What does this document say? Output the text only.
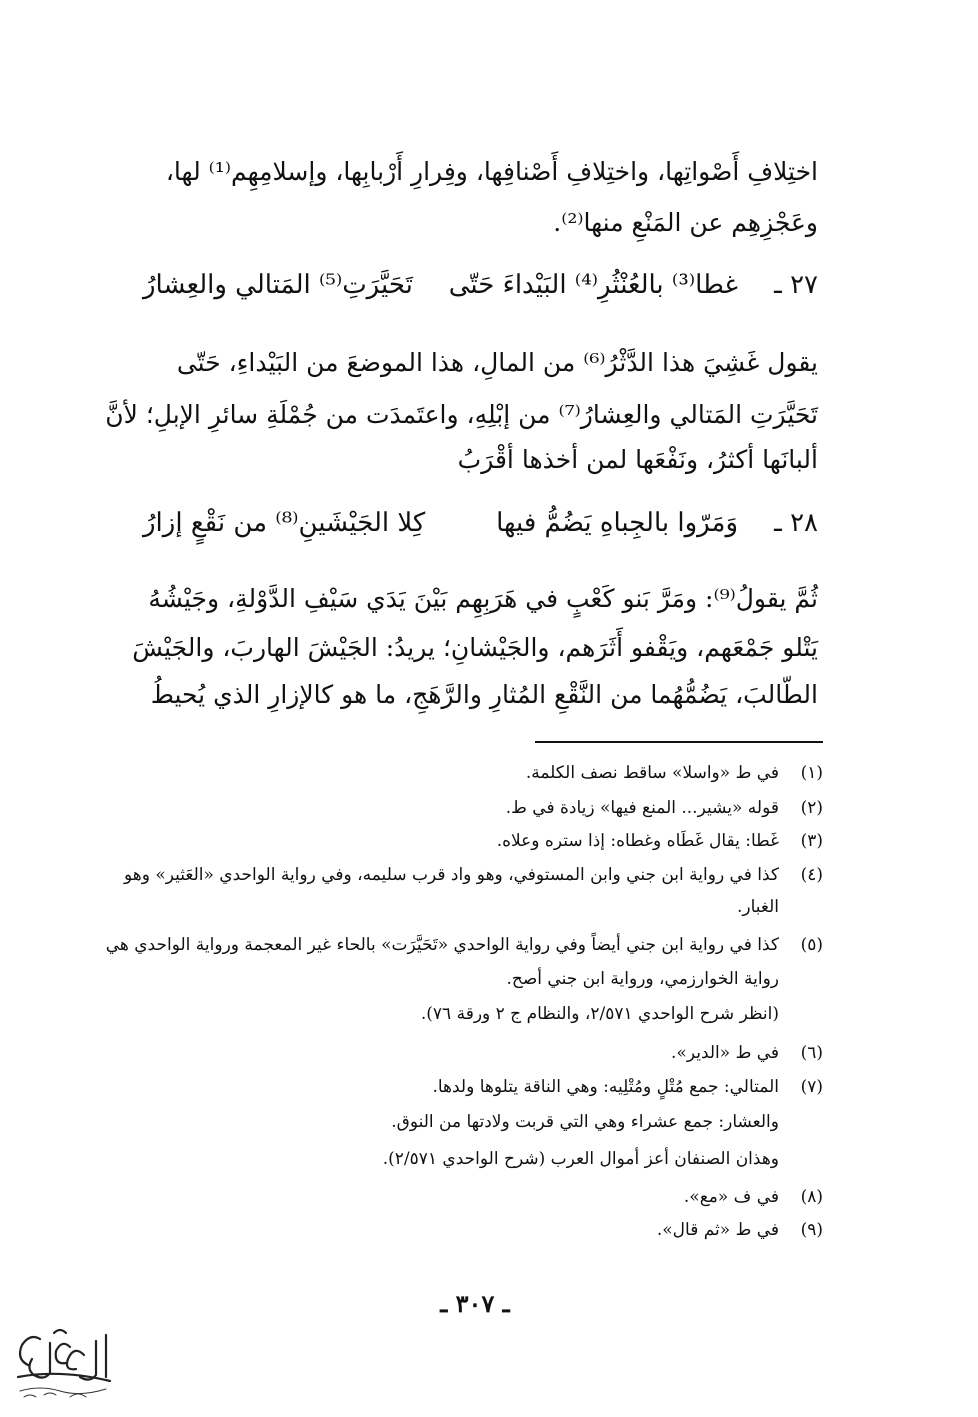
اختِلافِ أَصْواتِها، واختِلافِ أَصْنافِها، وفِرارِ أَرْبابِها، وإسلامِهِم⁽¹⁾ لها،
وعَجْزِهِم عن المَنْعِ منها⁽²⁾.
٢٧ ـ
غطا⁽³⁾ بالعُنْثُرِ⁽⁴⁾ البَيْداءَ حَتّى
تَحَيَّرَتِ⁽⁵⁾ المَتالي والعِشارُ
يقول غَشِيَ هذا الدَّثْرُ⁽⁶⁾ من المالِ، هذا الموضعَ من البَيْداءِ، حَتّى
تَحَيَّرَتِ المَتالي والعِشارُ⁽⁷⁾ من إبْلِهِ، واعتَمدَت من جُمْلَةِ سائرِ الإبلِ؛ لأنَّ
ألبانَها أكثرُ، ونَفْعَها لمن أخذها أقْرَبُ
٢٨ ـ
وَمَرّوا بالجِباهِ يَضُمُّ فيها
كِلا الجَيْشَينِ⁽⁸⁾ من نَقْعٍ إزارُ
ثُمَّ يقولُ⁽⁹⁾: ومَرَّ بَنو كَعْبٍ في هَرَبِهِم بَيْنَ يَدَي سَيْفِ الدَّوْلةِ، وجَيْشُهُ
يَتْلو جَمْعَهم، ويَقْفو أَثَرَهم، والجَيْشانِ؛ يريدُ: الجَيْشَ الهاربَ، والجَيْشَ
الطّالبَ، يَضُمُّهُما من النَّقْعِ المُثارِ والرَّهَجِ، ما هو كالإزارِ الذي يُحيطُ
(١)في ط «واسلا» ساقط نصف الكلمة.
(٢)قوله «يشير... المنع فيها» زيادة في ط.
(٣)غَطا: يقال غَطَاه وغطاه: إذا ستره وعلاه.
(٤)كذا في رواية ابن جني وابن المستوفي، وهو واد قرب سليمه، وفي رواية الواحدي «العَثير» وهو
الغبار.
(٥)كذا في رواية ابن جني أيضاً وفي رواية الواحدي «تَحَيَّرَت» بالحاء غير المعجمة ورواية الواحدي هي
رواية الخوارزمي، ورواية ابن جني أصح.
(انظر شرح الواحدي ٢/٥٧١، والنظام ج ٢ ورقة ٧٦).
(٦)في ط «الدير».
(٧)المتالي: جمع مُتْلٍ ومُتْلِيه: وهي الناقة يتلوها ولدها.
والعشار: جمع عشراء وهي التي قربت ولادتها من النوق.
وهذان الصنفان أعز أموال العرب (شرح الواحدي ٢/٥٧١).
(٨)في ف «مع».
(٩)في ط «ثم قال».
ـ ٣٠٧ ـ
